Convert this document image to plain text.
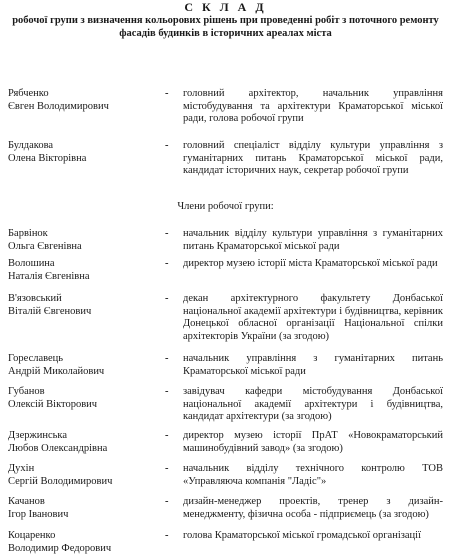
С К Л А Д
робочої групи з визначення кольорових рішень при проведенні робіт з поточного ремонту
фасадів будинків в історичних ареалах міста
Рябченко
Євген Володимирович
-	головний архітектор, начальник управління містобудування та архітектури Краматорської міської ради, голова робочої групи
Булдакова
Олена Вікторівна
-	головний спеціаліст відділу культури управління з гуманітарних питань Краматорської міської ради, кандидат історичних наук, секретар робочої групи
Члени робочої групи:
Барвінок
Ольга Євгенівна
-	начальник відділу культури управління з гуманітарних питань Краматорської міської ради
Волошина
Наталія Євгенівна
-	директор музею історії міста Краматорської міської ради
В'язовський
Віталій Євгенович
-	декан архітектурного факультету Донбаської національної академії архітектури і будівництва, керівник Донецької обласної організації Національної спілки архітекторів України (за згодою)
Гореславець
Андрій Миколайович
-	начальник управління з гуманітарних питань Краматорської міської ради
Губанов
Олексій Вікторович
-	завідувач кафедри містобудування Донбаської національної академії архітектури і будівництва, кандидат архітектури (за згодою)
Дзержинська
Любов Олександрівна
-	директор музею історії ПрАТ «Новокраматорський машинобудівний завод» (за згодою)
Духін
Сергій Володимирович
-	начальник відділу технічного контролю ТОВ «Управляюча компанія "Ладіс"»
Качанов
Ігор Іванович
-	дизайн-менеджер проектів, тренер з дизайн-менеджменту, фізична особа - підприємець (за згодою)
Коцаренко
Володимир Федорович
-	голова Краматорської міської громадської організації
